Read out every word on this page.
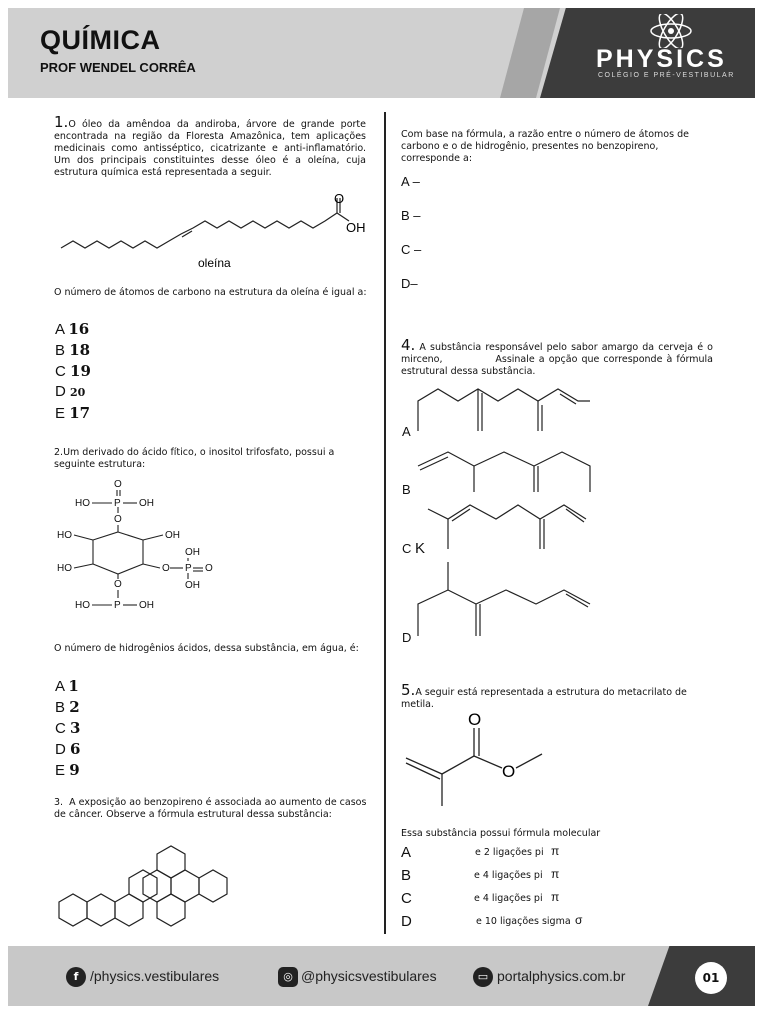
QUÍMICA
PROF WENDEL CORRÊA	PHYSICS
COLÉGIO E PRÉ-VESTIBULAR
1.O óleo da amêndoa da andiroba, árvore de grande porte encontrada na região da Floresta Amazônica, tem aplicações medicinais como antisséptico, cicatrizante e anti-inflamatório. Um dos principais constituintes desse óleo é a oleína, cuja estrutura química está representada a seguir.
O
OH
oleína
O número de átomos de carbono na estrutura da oleína é igual a:
A 16
B 18
C 19
D 20
E 17
2.Um derivado do ácido fítico, o inositol trifosfato, possui a seguinte estrutura:
HO P OH
O
O
HO	OH
HO	O P O
OH
OH
O
HO P OH
O número de hidrogênios ácidos, dessa substância, em água, é:
A 1
B 2
C 3
D 6
E 9
3. A exposição ao benzopireno é associada ao aumento de casos de câncer. Observe a fórmula estrutural dessa substância:
Com base na fórmula, a razão entre o número de átomos de carbono e o de hidrogênio, presentes no benzopireno, corresponde a:
A –
B –
C –
D–
4. A substância responsável pelo sabor amargo da cerveja é o mirceno,	Assinale a opção que corresponde à fórmula estrutural dessa substância.
A
B
C K
D
5.A seguir está representada a estrutura do metacrilato de metila.
O
O
Essa substância possui fórmula molecular
A	e 2 ligações pi π
B	e 4 ligações pi π
C	e 4 ligações pi π
D	e 10 ligações sigma σ
f /physics.vestibulares	◎ @physicsvestibulares	▭ portalphysics.com.br	01
